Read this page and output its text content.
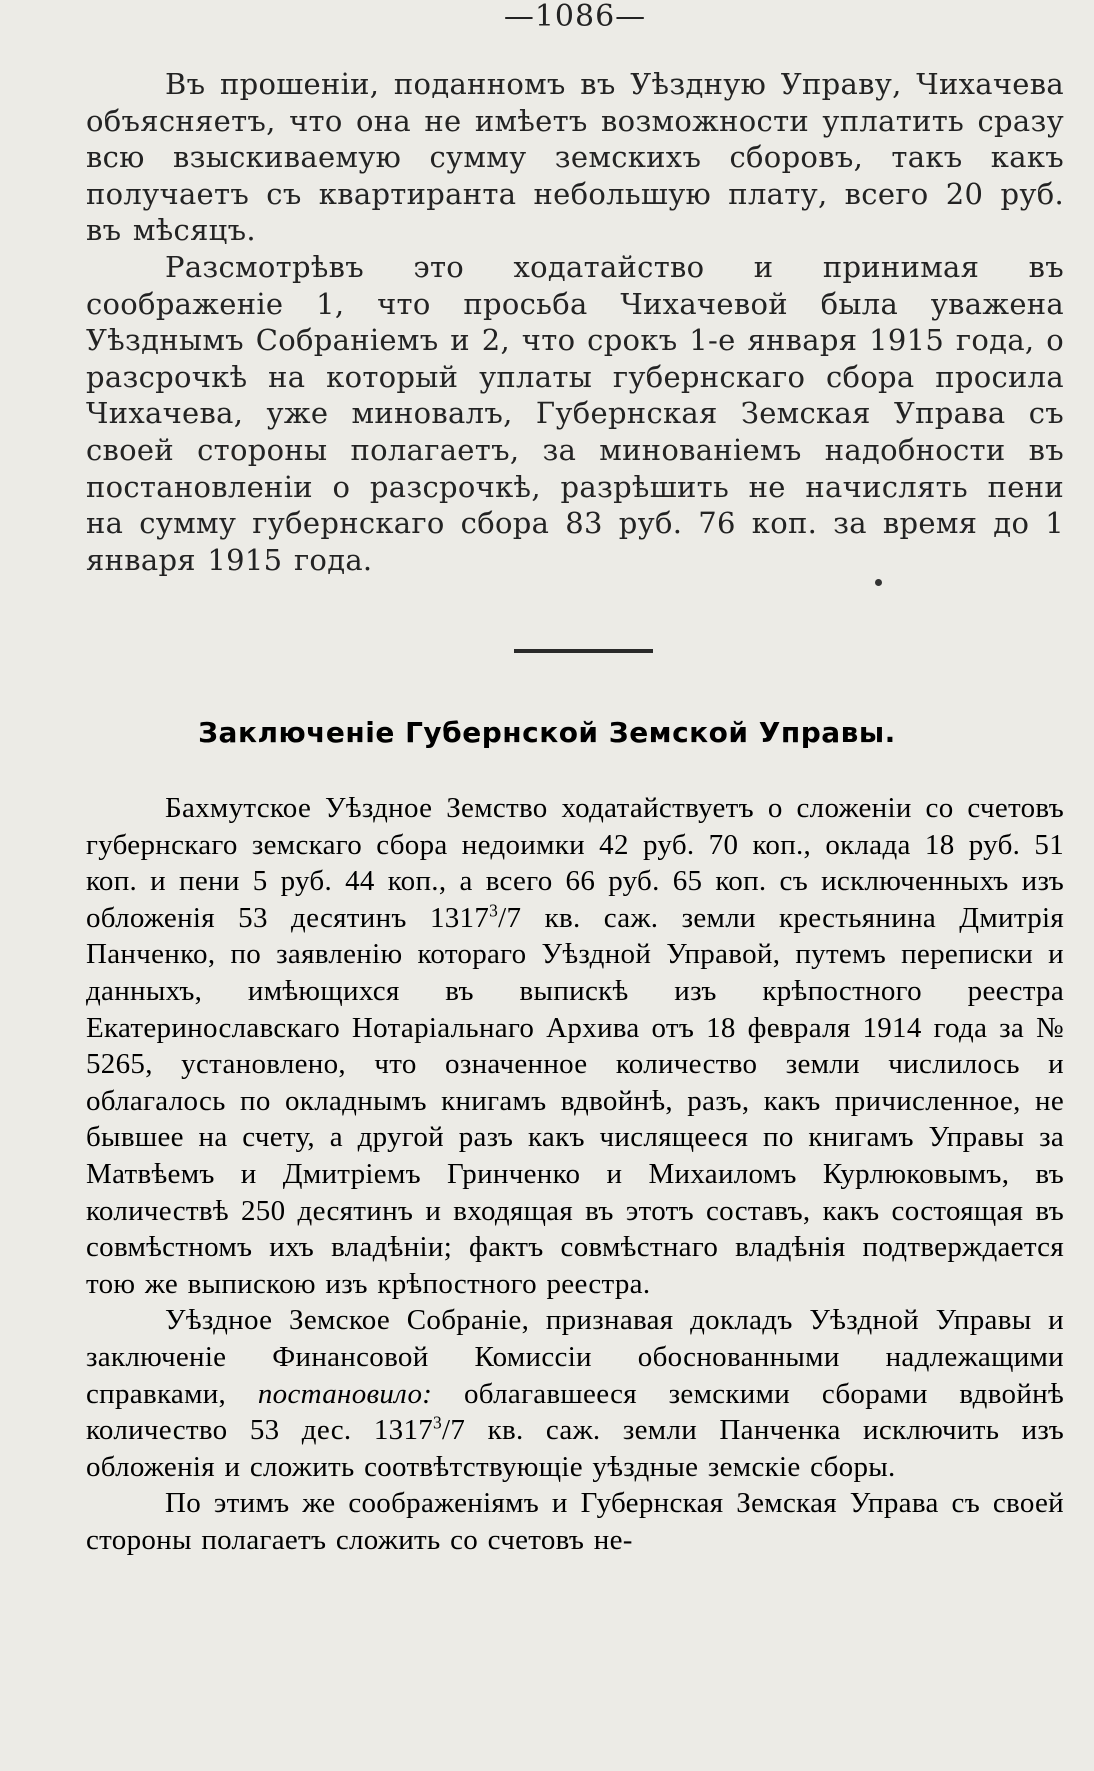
—1086—

Въ прошеніи, поданномъ въ Уѣздную Управу, Чихачева объясняетъ, что она не имѣетъ возможности уплатить сразу всю взыскиваемую сумму земскихъ сборовъ, такъ какъ получаетъ съ квартиранта небольшую плату, всего 20 руб. въ мѣсяцъ.

Разсмотрѣвъ это ходатайство и принимая въ соображеніе 1, что просьба Чихачевой была уважена Уѣзднымъ Собраніемъ и 2, что срокъ 1-е января 1915 года, о разсрочкѣ на который уплаты губернскаго сбора просила Чихачева, уже миновалъ, Губернская Земская Управа съ своей стороны полагаетъ, за минованіемъ надобности въ постановленіи о разсрочкѣ, разрѣшить не начислять пени на сумму губернскаго сбора 83 руб. 76 коп. за время до 1 января 1915 года.

Заключеніе Губернской Земской Управы.

Бахмутское Уѣздное Земство ходатайствуетъ о сложеніи со счетовъ губернскаго земскаго сбора недоимки 42 руб. 70 коп., оклада 18 руб. 51 коп. и пени 5 руб. 44 коп., а всего 66 руб. 65 коп. съ исключенныхъ изъ обложенія 53 десятинъ 1317$^3$/7 кв. саж. земли крестьянина Дмитрія Панченко, по заявленію котораго Уѣздной Управой, путемъ переписки и данныхъ, имѣющихся въ выпискѣ изъ крѣпостного реестра Екатеринославскаго Нотаріальнаго Архива отъ 18 февраля 1914 года за № 5265, установлено, что означенное количество земли числилось и облагалось по окладнымъ книгамъ вдвойнѣ, разъ, какъ причисленное, не бывшее на счету, а другой разъ какъ числящееся по книгамъ Управы за Матвѣемъ и Дмитріемъ Гринченко и Михаиломъ Курлюковымъ, въ количествѣ 250 десятинъ и входящая въ этотъ составъ, какъ состоящая въ совмѣстномъ ихъ владѣніи; фактъ совмѣстнаго владѣнія подтверждается тою же выпискою изъ крѣпостного реестра.

Уѣздное Земское Собраніе, признавая докладъ Уѣздной Управы и заключеніе Финансовой Комиссіи обоснованными надлежащими справками, постановило: облагавшееся земскими сборами вдвойнѣ количество 53 дес. 1317$^3$/7 кв. саж. земли Панченка исключить изъ обложенія и сложить соотвѣтствующіе уѣздные земскіе сборы.

По этимъ же соображеніямъ и Губернская Земская Управа съ своей стороны полагаетъ сложить со счетовъ не-
